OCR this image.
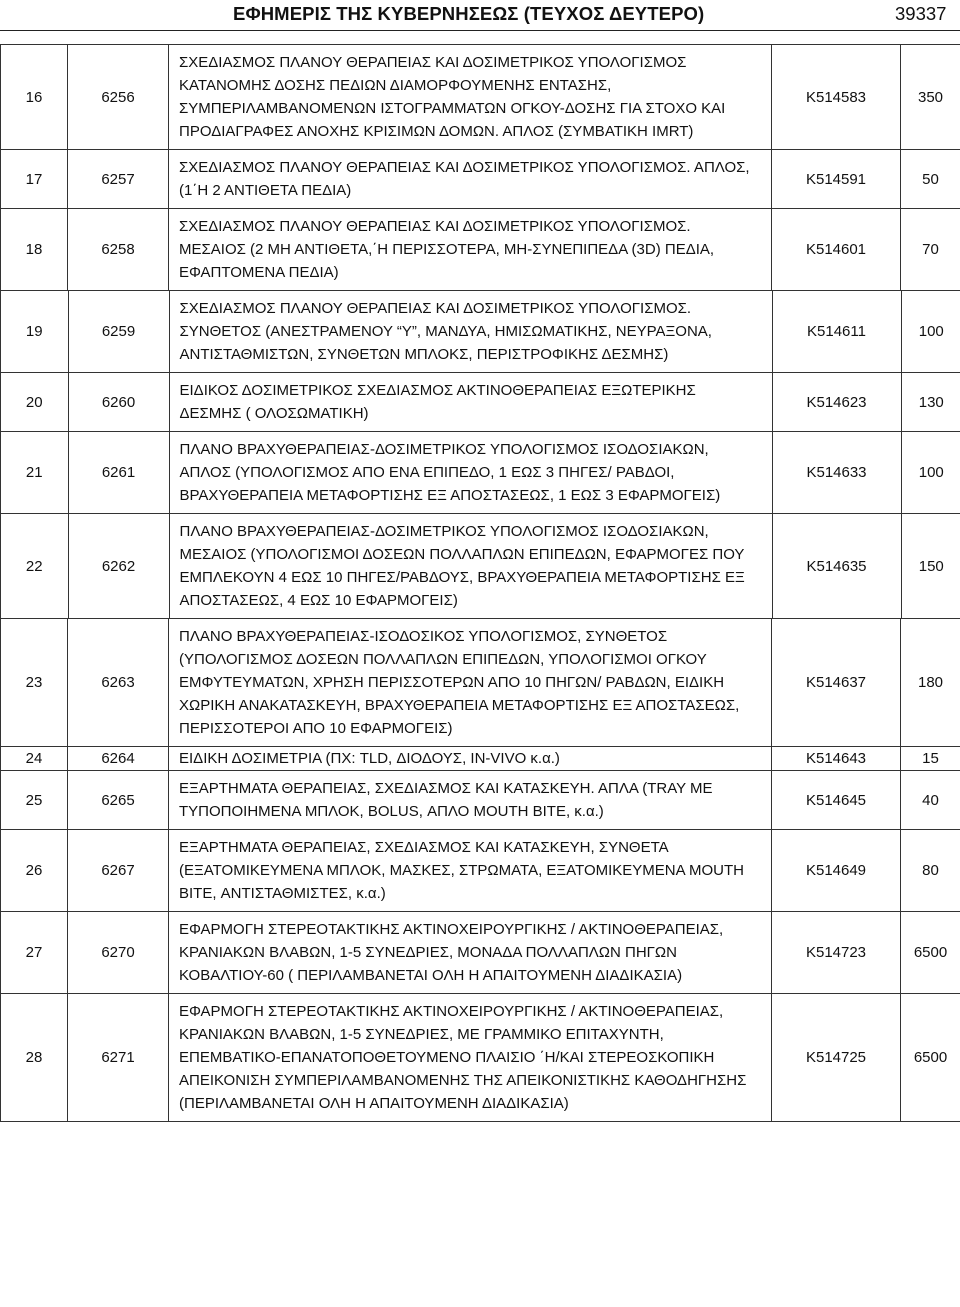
ΕΦΗΜΕΡΙΣ ΤΗΣ ΚΥΒΕΡΝΗΣΕΩΣ (ΤΕΥΧΟΣ ΔΕΥΤΕΡΟ)	39337
16	6256	ΣΧΕΔΙΑΣΜΟΣ ΠΛΑΝΟΥ ΘΕΡΑΠΕΙΑΣ ΚΑΙ ΔΟΣΙΜΕΤΡΙΚΟΣ ΥΠΟΛΟΓΙΣΜΟΣ ΚΑΤΑΝΟΜΗΣ ΔΟΣΗΣ ΠΕΔΙΩΝ ΔΙΑΜΟΡΦΟΥΜΕΝΗΣ ΕΝΤΑΣΗΣ, ΣΥΜΠΕΡΙΛΑΜΒΑΝΟΜΕΝΩΝ ΙΣΤΟΓΡΑΜΜΑΤΩΝ ΟΓΚΟΥ-ΔΟΣΗΣ ΓΙΑ ΣΤΟΧΟ ΚΑΙ ΠΡΟΔΙΑΓΡΑΦΕΣ ΑΝΟΧΗΣ ΚΡΙΣΙΜΩΝ ΔΟΜΩΝ. ΑΠΛΟΣ (ΣΥΜΒΑΤΙΚΗ IMRT)	Κ514583	350
17	6257	ΣΧΕΔΙΑΣΜΟΣ ΠΛΑΝΟΥ ΘΕΡΑΠΕΙΑΣ ΚΑΙ ΔΟΣΙΜΕΤΡΙΚΟΣ ΥΠΟΛΟΓΙΣΜΟΣ. ΑΠΛΟΣ, (1΄Η 2 ΑΝΤΙΘΕΤΑ ΠΕΔΙΑ)	Κ514591	50
18	6258	ΣΧΕΔΙΑΣΜΟΣ ΠΛΑΝΟΥ ΘΕΡΑΠΕΙΑΣ ΚΑΙ ΔΟΣΙΜΕΤΡΙΚΟΣ ΥΠΟΛΟΓΙΣΜΟΣ. ΜΕΣΑΙΟΣ (2 ΜΗ ΑΝΤΙΘΕΤΑ,΄Η ΠΕΡΙΣΣΟΤΕΡΑ, ΜΗ-ΣΥΝΕΠΙΠΕΔΑ (3D) ΠΕΔΙΑ, ΕΦΑΠΤΟΜΕΝΑ ΠΕΔΙΑ)	Κ514601	70

19	6259	ΣΧΕΔΙΑΣΜΟΣ ΠΛΑΝΟΥ ΘΕΡΑΠΕΙΑΣ ΚΑΙ ΔΟΣΙΜΕΤΡΙΚΟΣ ΥΠΟΛΟΓΙΣΜΟΣ. ΣΥΝΘΕΤΟΣ (ΑΝΕΣΤΡΑΜΕΝΟΥ “Y”, ΜΑΝΔΥΑ, ΗΜΙΣΩΜΑΤΙΚΗΣ, ΝΕΥΡΑΞΟΝΑ, ΑΝΤΙΣΤΑΘΜΙΣΤΩΝ, ΣΥΝΘΕΤΩΝ ΜΠΛΟΚΣ, ΠΕΡΙΣΤΡΟΦΙΚΗΣ ΔΕΣΜΗΣ)	Κ514611	100
20	6260	ΕΙΔΙΚΟΣ ΔΟΣΙΜΕΤΡΙΚΟΣ ΣΧΕΔΙΑΣΜΟΣ ΑΚΤΙΝΟΘΕΡΑΠΕΙΑΣ ΕΞΩΤΕΡΙΚΗΣ ΔΕΣΜΗΣ ( ΟΛΟΣΩΜΑΤΙΚΗ)	Κ514623	130
21	6261	ΠΛΑΝΟ ΒΡΑΧΥΘΕΡΑΠΕΙΑΣ-ΔΟΣΙΜΕΤΡΙΚΟΣ ΥΠΟΛΟΓΙΣΜΟΣ ΙΣΟΔΟΣΙΑΚΩΝ, ΑΠΛΟΣ (ΥΠΟΛΟΓΙΣΜΟΣ ΑΠΟ ΕΝΑ ΕΠΙΠΕΔΟ, 1 ΕΩΣ 3 ΠΗΓΕΣ/ ΡΑΒΔΟΙ, ΒΡΑΧΥΘΕΡΑΠΕΙΑ ΜΕΤΑΦΟΡΤΙΣΗΣ ΕΞ ΑΠΟΣΤΑΣΕΩΣ, 1 ΕΩΣ 3 ΕΦΑΡΜΟΓΕΙΣ)	Κ514633	100
22	6262	ΠΛΑΝΟ ΒΡΑΧΥΘΕΡΑΠΕΙΑΣ-ΔΟΣΙΜΕΤΡΙΚΟΣ ΥΠΟΛΟΓΙΣΜΟΣ ΙΣΟΔΟΣΙΑΚΩΝ, ΜΕΣΑΙΟΣ (ΥΠΟΛΟΓΙΣΜΟΙ ΔΟΣΕΩΝ ΠΟΛΛΑΠΛΩΝ ΕΠΙΠΕΔΩΝ, ΕΦΑΡΜΟΓΕΣ ΠΟΥ ΕΜΠΛΕΚΟΥΝ 4 ΕΩΣ 10 ΠΗΓΕΣ/ΡΑΒΔΟΥΣ, ΒΡΑΧΥΘΕΡΑΠΕΙΑ ΜΕΤΑΦΟΡΤΙΣΗΣ ΕΞ ΑΠΟΣΤΑΣΕΩΣ, 4 ΕΩΣ 10 ΕΦΑΡΜΟΓΕΙΣ)	Κ514635	150

23	6263	ΠΛΑΝΟ ΒΡΑΧΥΘΕΡΑΠΕΙΑΣ-ΙΣΟΔΟΣΙΚΟΣ ΥΠΟΛΟΓΙΣΜΟΣ, ΣΥΝΘΕΤΟΣ (ΥΠΟΛΟΓΙΣΜΟΣ ΔΟΣΕΩΝ ΠΟΛΛΑΠΛΩΝ ΕΠΙΠΕΔΩΝ, ΥΠΟΛΟΓΙΣΜΟΙ ΟΓΚΟΥ ΕΜΦΥΤΕΥΜΑΤΩΝ, ΧΡΗΣΗ ΠΕΡΙΣΣΟΤΕΡΩΝ ΑΠΟ 10 ΠΗΓΩΝ/ ΡΑΒΔΩΝ, ΕΙΔΙΚΗ ΧΩΡΙΚΗ ΑΝΑΚΑΤΑΣΚΕΥΗ, ΒΡΑΧΥΘΕΡΑΠΕΙΑ ΜΕΤΑΦΟΡΤΙΣΗΣ ΕΞ ΑΠΟΣΤΑΣΕΩΣ, ΠΕΡΙΣΣΟΤΕΡΟΙ ΑΠΟ 10 ΕΦΑΡΜΟΓΕΙΣ)	Κ514637	180
24	6264	ΕΙΔΙΚΗ ΔΟΣΙΜΕΤΡΙΑ (ΠΧ: TLD, ΔΙΟΔΟΥΣ, IN-VIVO κ.α.)	Κ514643	15
25	6265	ΕΞΑΡΤΗΜΑΤΑ ΘΕΡΑΠΕΙΑΣ, ΣΧΕΔΙΑΣΜΟΣ ΚΑΙ ΚΑΤΑΣΚΕΥΗ. ΑΠΛΑ (TRAY ΜΕ ΤΥΠΟΠΟΙΗΜΕΝΑ ΜΠΛΟΚ, BOLUS, ΑΠΛΟ MOUTH BITE, κ.α.)	Κ514645	40
26	6267	ΕΞΑΡΤΗΜΑΤΑ ΘΕΡΑΠΕΙΑΣ, ΣΧΕΔΙΑΣΜΟΣ ΚΑΙ ΚΑΤΑΣΚΕΥΗ, ΣΥΝΘΕΤΑ (ΕΞΑΤΟΜΙΚΕΥΜΕΝΑ ΜΠΛΟΚ, ΜΑΣΚΕΣ, ΣΤΡΩΜΑΤΑ, ΕΞΑΤΟΜΙΚΕΥΜΕΝΑ MOUTH BITE, ΑΝΤΙΣΤΑΘΜΙΣΤΕΣ, κ.α.)	Κ514649	80
27	6270	ΕΦΑΡΜΟΓΗ ΣΤΕΡΕΟΤΑΚΤΙΚΗΣ ΑΚΤΙΝΟΧΕΙΡΟΥΡΓΙΚΗΣ / ΑΚΤΙΝΟΘΕΡΑΠΕΙΑΣ, ΚΡΑΝΙΑΚΩΝ ΒΛΑΒΩΝ, 1-5 ΣΥΝΕΔΡΙΕΣ, ΜΟΝΑΔΑ ΠΟΛΛΑΠΛΩΝ ΠΗΓΩΝ ΚΟΒΑΛΤΙΟΥ-60 ( ΠΕΡΙΛΑΜΒΑΝΕΤΑΙ ΟΛΗ Η ΑΠΑΙΤΟΥΜΕΝΗ ΔΙΑΔΙΚΑΣΙΑ)	Κ514723	6500
28	6271	ΕΦΑΡΜΟΓΗ ΣΤΕΡΕΟΤΑΚΤΙΚΗΣ ΑΚΤΙΝΟΧΕΙΡΟΥΡΓΙΚΗΣ / ΑΚΤΙΝΟΘΕΡΑΠΕΙΑΣ, ΚΡΑΝΙΑΚΩΝ ΒΛΑΒΩΝ, 1-5 ΣΥΝΕΔΡΙΕΣ, ΜΕ ΓΡΑΜΜΙΚΟ ΕΠΙΤΑΧΥΝΤΗ, ΕΠΕΜΒΑΤΙΚΟ-ΕΠΑΝΑΤΟΠΟΘΕΤΟΥΜΕΝΟ ΠΛΑΙΣΙΟ ΄Η/ΚΑΙ ΣΤΕΡΕΟΣΚΟΠΙΚΗ ΑΠΕΙΚΟΝΙΣΗ ΣΥΜΠΕΡΙΛΑΜΒΑΝΟΜΕΝΗΣ ΤΗΣ ΑΠΕΙΚΟΝΙΣΤΙΚΗΣ ΚΑΘΟΔΗΓΗΣΗΣ (ΠΕΡΙΛΑΜΒΑΝΕΤΑΙ ΟΛΗ Η ΑΠΑΙΤΟΥΜΕΝΗ ΔΙΑΔΙΚΑΣΙΑ)	Κ514725	6500
